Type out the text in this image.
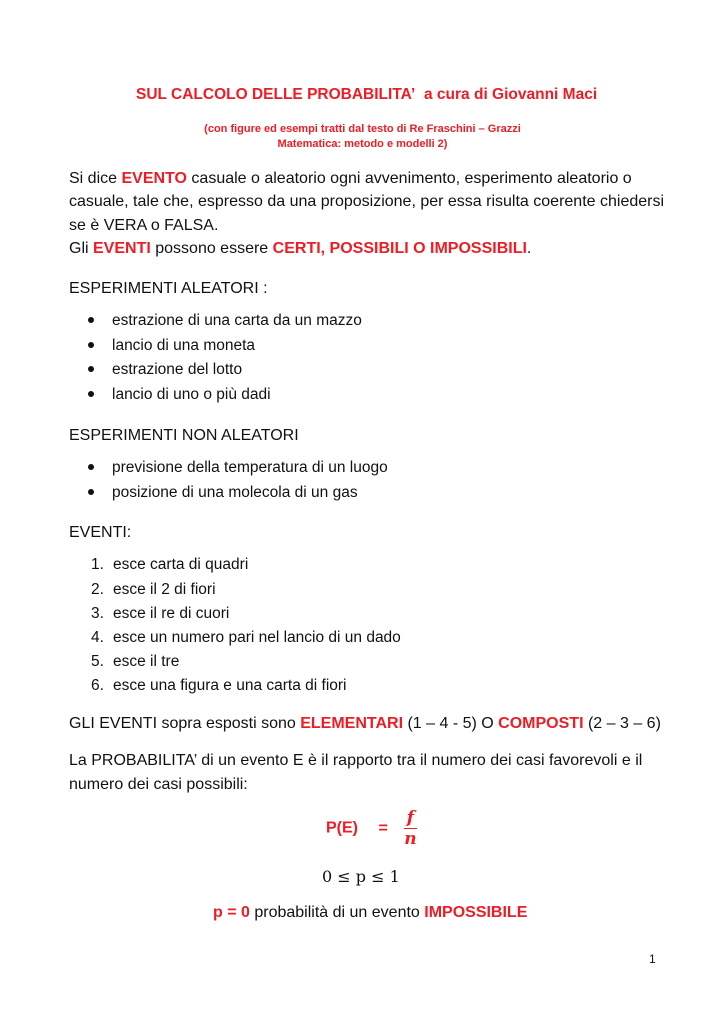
SUL CALCOLO DELLE PROBABILITA’ a cura di Giovanni Maci
(con figure ed esempi tratti dal testo di Re Fraschini – Grazzi
Matematica: metodo e modelli 2)
Si dice EVENTO casuale o aleatorio ogni avvenimento, esperimento aleatorio o
casuale, tale che, espresso da una proposizione, per essa risulta coerente chiedersi
se è VERA o FALSA.
Gli EVENTI possono essere CERTI, POSSIBILI O IMPOSSIBILI.
ESPERIMENTI ALEATORI :
estrazione di una carta da un mazzo
lancio di una moneta
estrazione del lotto
lancio di uno o più dadi
ESPERIMENTI NON ALEATORI
previsione della temperatura di un luogo
posizione di una molecola di un gas
EVENTI:
1. esce carta di quadri
2. esce il 2 di fiori
3. esce il re di cuori
4. esce un numero pari nel lancio di un dado
5. esce il tre
6. esce una figura e una carta di fiori
GLI EVENTI sopra esposti sono ELEMENTARI (1 – 4 - 5) O COMPOSTI (2 – 3 – 6)
La PROBABILITA’ di un evento E è il rapporto tra il numero dei casi favorevoli e il
numero dei casi possibili:
$P(E) = \frac{f}{n}$
0 ≤ p ≤ 1
p = 0 probabilità di un evento IMPOSSIBILE
1
